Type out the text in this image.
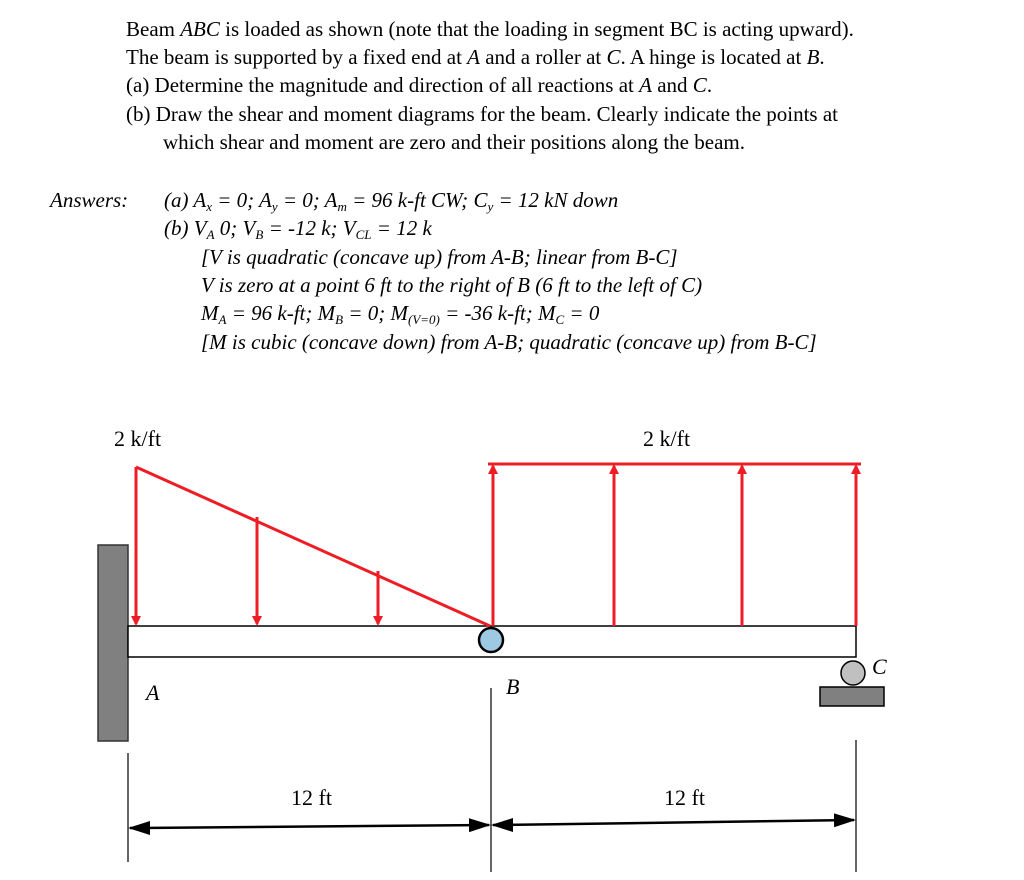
Beam ABC is loaded as shown (note that the loading in segment BC is acting upward).
The beam is supported by a fixed end at A and a roller at C. A hinge is located at B.
(a) Determine the magnitude and direction of all reactions at A and C.
(b) Draw the shear and moment diagrams for the beam. Clearly indicate the points at
which shear and moment are zero and their positions along the beam.
Answers: (a) $A_x = 0$; $A_y = 0$; $A_m = 96$ k-ft CW; $C_y = 12$ kN down
(b) $V_A$ 0; $V_B = -12$ k; $V_{CL} = 12$ k
[V is quadratic (concave up) from A-B; linear from B-C]
V is zero at a point 6 ft to the right of B (6 ft to the left of C)
$M_A = 96$ k-ft; $M_B = 0$; $M_{(V=0)} = -36$ k-ft; $M_C = 0$
[M is cubic (concave down) from A-B; quadratic (concave up) from B-C]
2 k/ft	2 k/ft
A	B
C
12 ft	12 ft
